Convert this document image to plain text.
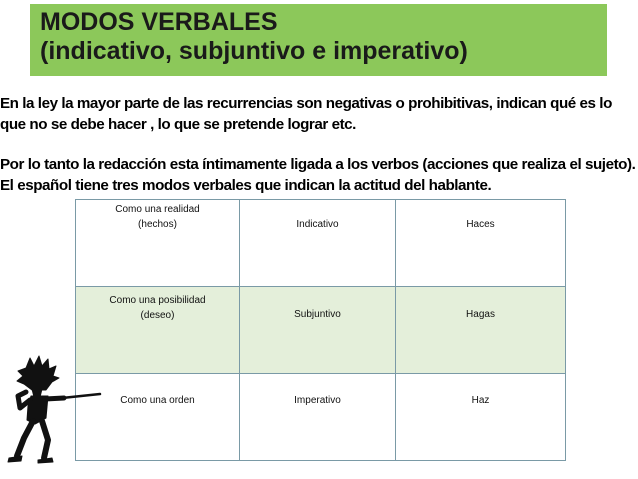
MODOS VERBALES
(indicativo, subjuntivo e imperativo)
En la ley la mayor parte de las recurrencias son negativas o prohibitivas, indican qué es lo que no se debe hacer , lo que se pretende lograr etc.
Por lo tanto la redacción esta íntimamente ligada a los verbos (acciones que realiza el sujeto). El español tiene tres modos verbales que indican la actitud del hablante.
Como una realidad
(hechos)	Indicativo	Haces

Como una posibilidad
(deseo)	Subjuntivo	Hagas

Como una orden	Imperativo	Haz
